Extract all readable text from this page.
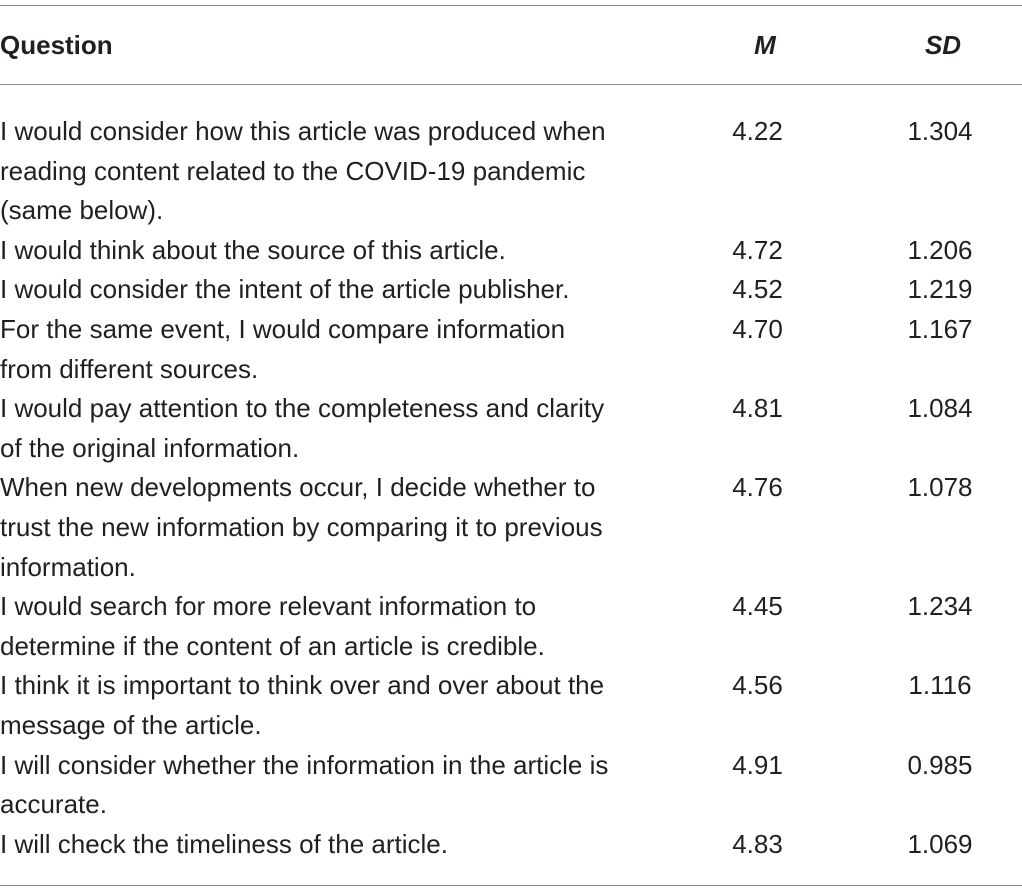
Question	M	SD
I would consider how this article was produced when
reading content related to the COVID-19 pandemic
(same below).
4.22	1.304
I would think about the source of this article.	4.72	1.206
I would consider the intent of the article publisher.	4.52	1.219
For the same event, I would compare information
from different sources.
4.70	1.167
I would pay attention to the completeness and clarity
of the original information.
4.81	1.084
When new developments occur, I decide whether to
trust the new information by comparing it to previous
information.
4.76	1.078
I would search for more relevant information to
determine if the content of an article is credible.
4.45	1.234
I think it is important to think over and over about the
message of the article.
4.56	1.116
I will consider whether the information in the article is
accurate.
4.91	0.985
I will check the timeliness of the article.	4.83	1.069
